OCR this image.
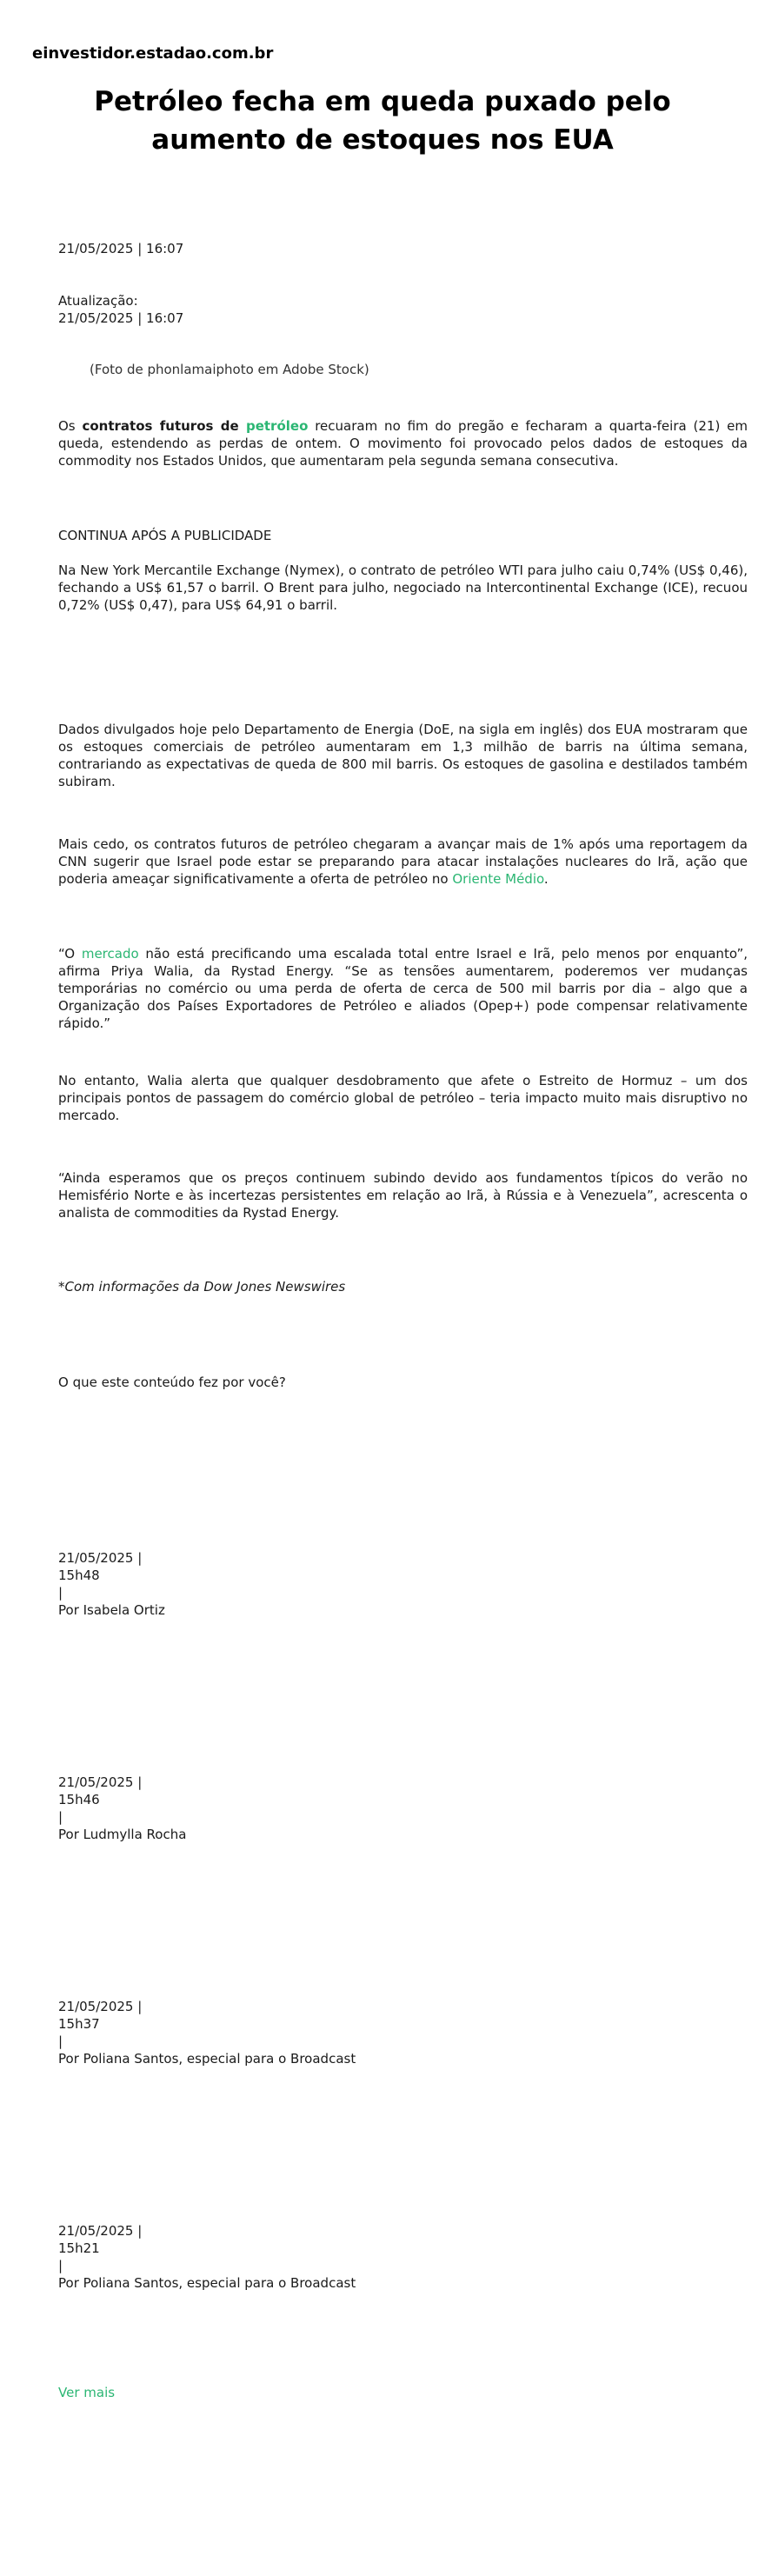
einvestidor.estadao.com.br
Petróleo fecha em queda puxado pelo aumento de estoques nos EUA
21/05/2025 | 16:07
Atualização:
21/05/2025 | 16:07
(Foto de phonlamaiphoto em Adobe Stock)

Os contratos futuros de petróleo recuaram no fim do pregão e fecharam a quarta-feira (21) em queda, estendendo as perdas de ontem. O movimento foi provocado pelos dados de estoques da commodity nos Estados Unidos, que aumentaram pela segunda semana consecutiva.

CONTINUA APÓS A PUBLICIDADE

Na New York Mercantile Exchange (Nymex), o contrato de petróleo WTI para julho caiu 0,74% (US$ 0,46), fechando a US$ 61,57 o barril. O Brent para julho, negociado na Intercontinental Exchange (ICE), recuou 0,72% (US$ 0,47), para US$ 64,91 o barril.

Dados divulgados hoje pelo Departamento de Energia (DoE, na sigla em inglês) dos EUA mostraram que os estoques comerciais de petróleo aumentaram em 1,3 milhão de barris na última semana, contrariando as expectativas de queda de 800 mil barris. Os estoques de gasolina e destilados também subiram.

Mais cedo, os contratos futuros de petróleo chegaram a avançar mais de 1% após uma reportagem da CNN sugerir que Israel pode estar se preparando para atacar instalações nucleares do Irã, ação que poderia ameaçar significativamente a oferta de petróleo no Oriente Médio.

“O mercado não está precificando uma escalada total entre Israel e Irã, pelo menos por enquanto”, afirma Priya Walia, da Rystad Energy. “Se as tensões aumentarem, poderemos ver mudanças temporárias no comércio ou uma perda de oferta de cerca de 500 mil barris por dia – algo que a Organização dos Países Exportadores de Petróleo e aliados (Opep+) pode compensar relativamente rápido.”

No entanto, Walia alerta que qualquer desdobramento que afete o Estreito de Hormuz – um dos principais pontos de passagem do comércio global de petróleo – teria impacto muito mais disruptivo no mercado.

“Ainda esperamos que os preços continuem subindo devido aos fundamentos típicos do verão no Hemisfério Norte e às incertezas persistentes em relação ao Irã, à Rússia e à Venezuela”, acrescenta o analista de commodities da Rystad Energy.

*Com informações da Dow Jones Newswires
O que este conteúdo fez por você?
21/05/2025 |
15h48
|
Por Isabela Ortiz
21/05/2025 |
15h46
|
Por Ludmylla Rocha
21/05/2025 |
15h37
|
Por Poliana Santos, especial para o Broadcast
21/05/2025 |
15h21
|
Por Poliana Santos, especial para o Broadcast
Ver mais
